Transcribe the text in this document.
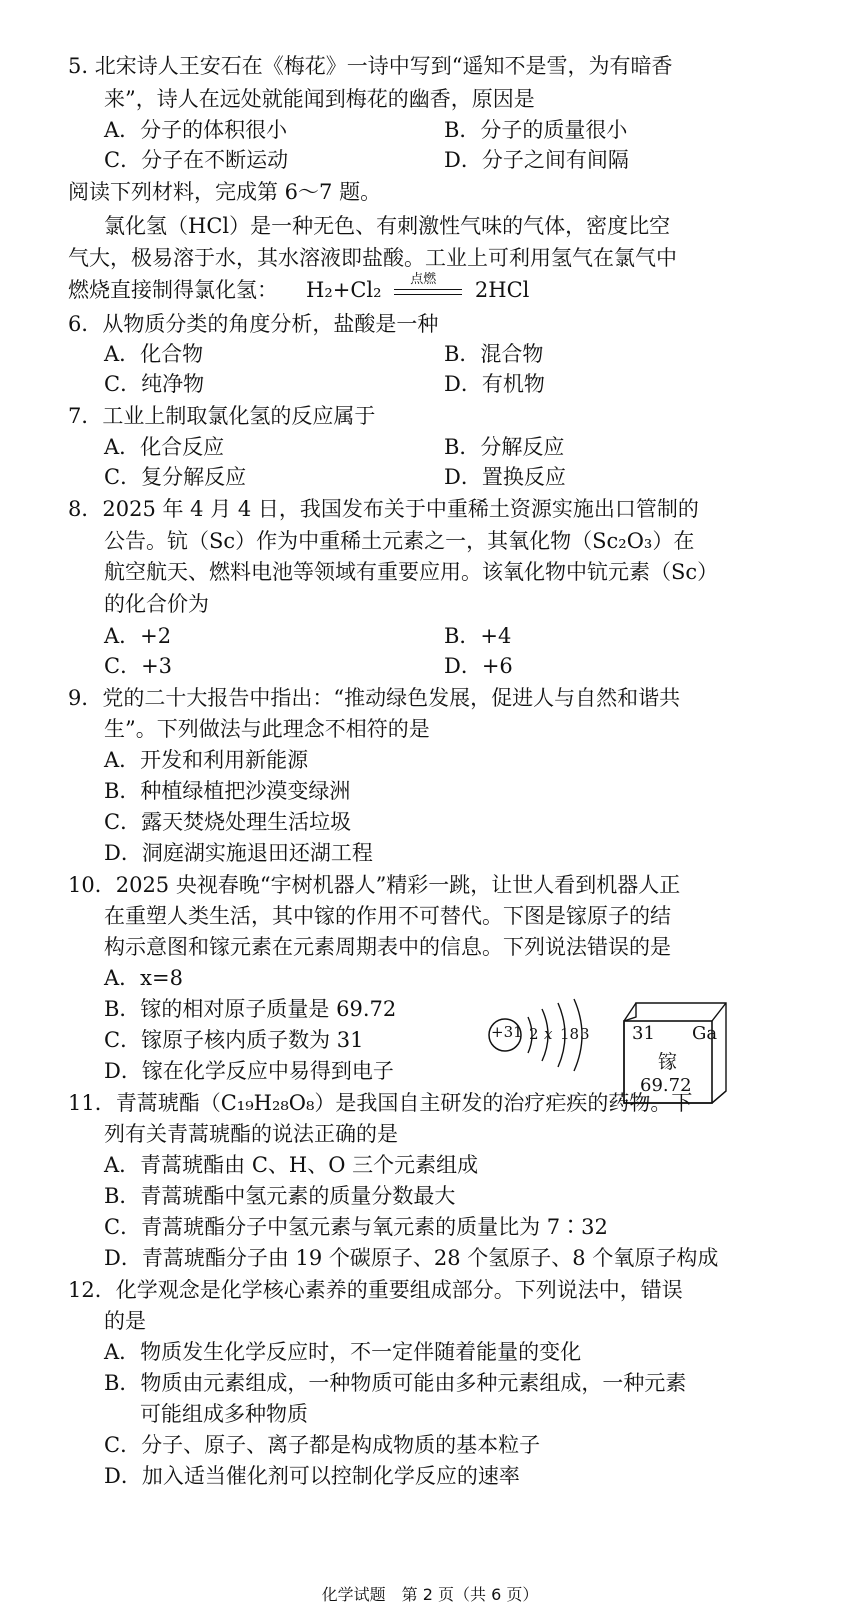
5. 北宋诗人王安石在《梅花》一诗中写到“遥知不是雪，为有暗香
来”，诗人在远处就能闻到梅花的幽香，原因是
A．分子的体积很小	B．分子的质量很小
C．分子在不断运动	D．分子之间有间隔
阅读下列材料，完成第 6～7 题。
氯化氢（HCl）是一种无色、有刺激性气味的气体，密度比空
气大，极易溶于水，其水溶液即盐酸。工业上可利用氢气在氯气中
燃烧直接制得氯化氢： H₂+Cl₂ 点燃 2HCl
6．从物质分类的角度分析，盐酸是一种
A．化合物	B．混合物
C．纯净物	D．有机物
7．工业上制取氯化氢的反应属于
A．化合反应	B．分解反应
C．复分解反应	D．置换反应
8．2025 年 4 月 4 日，我国发布关于中重稀土资源实施出口管制的
公告。钪（Sc）作为中重稀土元素之一，其氧化物（Sc₂O₃）在
航空航天、燃料电池等领域有重要应用。该氧化物中钪元素（Sc）
的化合价为
A．+2	B．+4
C．+3	D．+6
9．党的二十大报告中指出：“推动绿色发展，促进人与自然和谐共
生”。下列做法与此理念不相符的是
A．开发和利用新能源
B．种植绿植把沙漠变绿洲
C．露天焚烧处理生活垃圾
D．洞庭湖实施退田还湖工程
10．2025 央视春晚“宇树机器人”精彩一跳，让世人看到机器人正
在重塑人类生活，其中镓的作用不可替代。下图是镓原子的结
构示意图和镓元素在元素周期表中的信息。下列说法错误的是
A．x=8
B．镓的相对原子质量是 69.72
C．镓原子核内质子数为 31
D．镓在化学反应中易得到电子
+31 2 x 18 3 31 Ga
镓
69.72
11．青蒿琥酯（C₁₉H₂₈O₈）是我国自主研发的治疗疟疾的药物。下
列有关青蒿琥酯的说法正确的是
A．青蒿琥酯由 C、H、O 三个元素组成
B．青蒿琥酯中氢元素的质量分数最大
C．青蒿琥酯分子中氢元素与氧元素的质量比为 7∶32
D．青蒿琥酯分子由 19 个碳原子、28 个氢原子、8 个氧原子构成
12．化学观念是化学核心素养的重要组成部分。下列说法中，错误
的是
A．物质发生化学反应时，不一定伴随着能量的变化
B．物质由元素组成，一种物质可能由多种元素组成，一种元素
可能组成多种物质
C．分子、原子、离子都是构成物质的基本粒子
D．加入适当催化剂可以控制化学反应的速率
化学试题　第 2 页（共 6 页）
